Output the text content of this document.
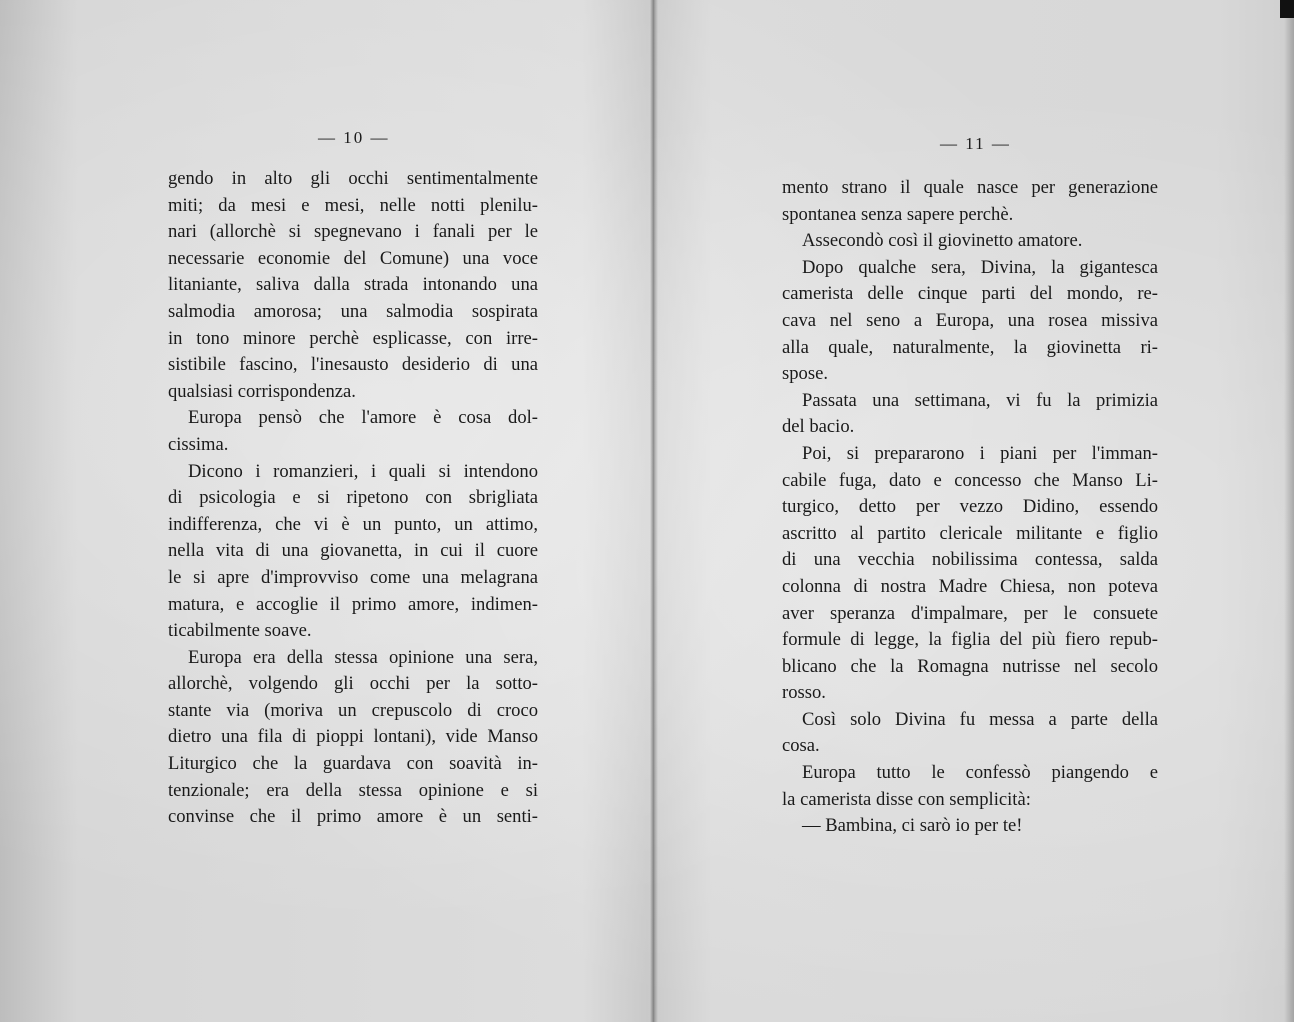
— 10 —
gendo in alto gli occhi sentimentalmente
miti; da mesi e mesi, nelle notti plenilu-
nari (allorchè si spegnevano i fanali per le
necessarie economie del Comune) una voce
litaniante, saliva dalla strada intonando una
salmodia amorosa; una salmodia sospirata
in tono minore perchè esplicasse, con irre-
sistibile fascino, l'inesausto desiderio di una
qualsiasi corrispondenza.
Europa pensò che l'amore è cosa dol-
cissima.
Dicono i romanzieri, i quali si intendono
di psicologia e si ripetono con sbrigliata
indifferenza, che vi è un punto, un attimo,
nella vita di una giovanetta, in cui il cuore
le si apre d'improvviso come una melagrana
matura, e accoglie il primo amore, indimen-
ticabilmente soave.
Europa era della stessa opinione una sera,
allorchè, volgendo gli occhi per la sotto-
stante via (moriva un crepuscolo di croco
dietro una fila di pioppi lontani), vide Manso
Liturgico che la guardava con soavità in-
tenzionale; era della stessa opinione e si
convinse che il primo amore è un senti-
— 11 —
mento strano il quale nasce per generazione
spontanea senza sapere perchè.
Assecondò così il giovinetto amatore.
Dopo qualche sera, Divina, la gigantesca
camerista delle cinque parti del mondo, re-
cava nel seno a Europa, una rosea missiva
alla quale, naturalmente, la giovinetta ri-
spose.
Passata una settimana, vi fu la primizia
del bacio.
Poi, si prepararono i piani per l'imman-
cabile fuga, dato e concesso che Manso Li-
turgico, detto per vezzo Didino, essendo
ascritto al partito clericale militante e figlio
di una vecchia nobilissima contessa, salda
colonna di nostra Madre Chiesa, non poteva
aver speranza d'impalmare, per le consuete
formule di legge, la figlia del più fiero repub-
blicano che la Romagna nutrisse nel secolo
rosso.
Così solo Divina fu messa a parte della
cosa.
Europa tutto le confessò piangendo e
la camerista disse con semplicità:
— Bambina, ci sarò io per te!
